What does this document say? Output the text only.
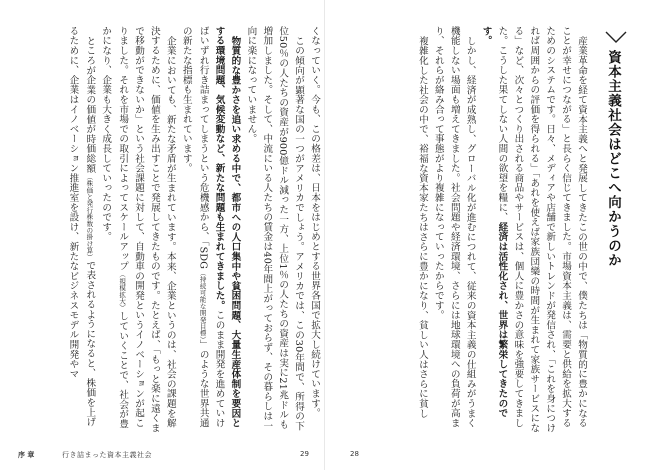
くなっていく。今も、この格差は、日本をはじめとする世界各国で拡大し続けています。

この傾向が顕著な国の一つがアメリカでしょう。アメリカでは、この30年間で、所得の下位50％の人たちの資産が900億ドル減った一方、上位1％の人たちの資産は実に21兆ドルも増加しました。そして、中流にいる人たちの賃金は40年間上がっておらず、その暮らしは一向に楽になっていません。

物質的な豊かさを追い求める中で、都市への人口集中や貧困問題、大量生産体制を要因とする環境問題、気候変動など、新たな問題も生まれてきました。このまま開発を進めていけばいずれ行き詰まってしまうという危機感から、「SDG（持続可能な開発目標）」のような世界共通の新たな指標も生まれています。

企業においても、新たな矛盾が生まれています。本来、企業というのは、社会の課題を解決するために、価値を生み出すことで発展してきたものです。たとえば、「もっと楽に遠くまで移動ができないか」という社会課題に対して、自動車の開発というイノベーションが起こりました。それを市場での取引によってスケールアップ（規模拡大）していくことで、社会が豊かになり、企業も大きく成長していったのです。

ところが企業の価値が時価総額（株価と発行株数の掛け算）で表されるようになると、株価を上げるために、企業はイノベーション推進室を設け、新たなビジネスモデル開発やマ

序 章	行き詰まった資本主義社会	29
資本主義社会はどこへ向かうのか

産業革命を経て資本主義へと発展してきたこの世の中で、僕たちは「物質的に豊かになることが幸せにつながる」と長らく信じてきました。市場資本主義は、需要と供給を拡大するためのシステムです。日々、メディアや店舗で新しいトレンドが発信され、「これを身につければ周囲からの評価を得られる」「あれを使えば家族団欒の時間が生まれて家族サービスになる」など、次々とつくり出される商品やサービスは、個人に豊かさの意味を強要してきました。こうした果てしない人間の欲望を糧に、経済は活性化され、世界は繁栄してきたのです。

しかし、経済が成熟し、グローバル化が進むにつれて、従来の資本主義の仕組みがうまく機能しない場面も増えてきました。社会問題や経済環境、さらには地球環境への負荷が高まり、それらが絡み合って事態がより複雑になっていったからです。

複雑化した社会の中で、裕福な資本家たちはさらに豊かになり、貧しい人はさらに貧し

28
